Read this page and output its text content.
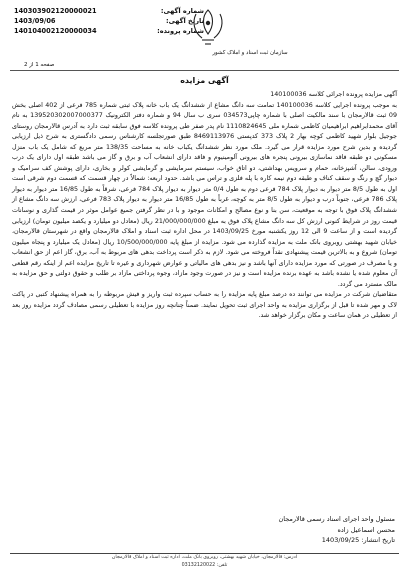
شماره آگهی:
140303902120000021
تاریخ آگهی:
1403/09/06
شماره پرونده:
140104002120000034
سازمان ثبت اسناد و املاک کشور
صفحه 1 از 2
آگهی مزایده

آگهی مزایده پرونده اجرائی کلاسه 140100036

به موجب پرونده اجرایی کلاسه 140100036 تمامت سه دانگ مشاع از ششدانگ یک باب خانه پلاک ثبتی شماره 785 فرعی از 402 اصلی بخش 09 ثبت قالارمجان با سند مالکیت اصلی با شماره چاپی034573 سری ب سال 94 و شماره دفتر الکترونیک 139520302007000377 به نام آقای محمدابراهیم ابراهیمیان کاظمی شماره ملی 1110824645 نام پدر صفر طی پرونده کلاسه فوق سابقه ثبت دارد به آدرس قالارمجان روستای جوجیل بلوار شهید کاظمی کوچه بهار 2 پلاک 373 کدپستی 8469113976 طبق صورتجلسه کارشناس رسمی دادگستری به شرح ذیل ارزیابی گردیده و بدین شرح مورد مزایده قرار می گیرد. ملک مورد نظر ششدانگ یکباب خانه به مساحت 138/35 متر مربع که شامل یک باب منزل مسکونی دو طبقه فاقد نماسازی بیرونی پنجره های بیرونی آلومینیوم و فاقد دارای انشعاب آب و برق و گاز می باشد طبقه اول دارای یک درب ورودی، سالن، آشپزخانه، حمام و سرویس بهداشتی، دو اتاق خواب، سیستم سرمایشی و گرمایشی کولر و بخاری، دارای پوشش کف سرامیک و دیوار گچ و رنگ و سقف کناف و طبقه دوم نیمه کاره با پله فلزی و تراس می باشد. حدود اربعه: شمالاً در چهار قسمت که قسمت دوم شرقی است اول به طول 8/5 متر دیوار به دیوار پلاک 784 فرعی دوم به طول 0/4 متر دیوار به دیوار پلاک 784 فرعی، شرقاً به طول 16/85 متر دیوار به دیوار پلاک 786 فرعی، جنوباً درب و دیوار به طول 8/5 متر به کوچه، غرباً به طول 16/85 متر دیوار به دیوار پلاک 783 فرعی، ارزش سه دانگ مشاع از ششدانگ پلاک فوق با توجه به موقعیت، سن بنا و نوع مصالح و امکانات موجود و با در نظر گرفتن جمیع عوامل موثر در قیمت گذاری و نوسانات قیمت روز در شرایط کنونی ارزش کل سه دانگ مشاع پلاک فوق به مبلغ 21/000/000/000 ریال (معادل دو میلیارد و یکصد میلیون تومان) ارزیابی گردیده است و از ساعت 9 الی 12 روز یکشنبه مورخ 1403/09/25 در محل اداره ثبت اسناد و املاک قالارمجان واقع در شهرستان قالارمجان، خیابان شهید بهشتی روبروی بانک ملت به مزایده گذارده می شود. مزایده از مبلغ پایه 10/500/000/000 ریال (معادل یک میلیارد و پنجاه میلیون تومان) شروع و به بالاترین قیمت پیشنهادی نقداً فروخته می شود. لازم به ذکر است پرداخت بدهی های مربوط به آب، برق، گاز اعم از حق انشعاب و یا مصرف در صورتی که مورد مزایده دارای آنها باشد و نیز بدهی های مالیاتی و عوارض شهرداری و غیره تا تاریخ مزایده اعم از اینکه رقم قطعی آن معلوم شده یا نشده باشد به عهده برنده مزایده است و نیز در صورت وجود مازاد، وجوه پرداختی مازاد بر طلب و حقوق دولتی و حق مزایده به مالک مسترد می گردد.

متقاضیان شرکت در مزایده می توانند ده درصد مبلغ پایه مزایده را به حساب سپرده ثبت واریز و فیش مربوطه را به همراه پیشنهاد کتبی در پاکت لاک و مهر شده تا قبل از برگزاری مزایده به واحد اجرای ثبت تحویل نمایند. ضمناً چنانچه روز مزایده با تعطیلی رسمی مصادف گردد مزایده روز بعد از تعطیلی در همان ساعت و مکان برگزار خواهد شد.

مسئول واحد اجرای اسناد رسمی قالارمجان
محسن اسماعیل زاده
تاریخ انتشار: 1403/09/25
آدرس: قالارمجان، خیابان شهید بهشتی، روبروی بانک ملت، اداره ثبت اسناد و املاک قالارمجان
تلفن: 03132120022
